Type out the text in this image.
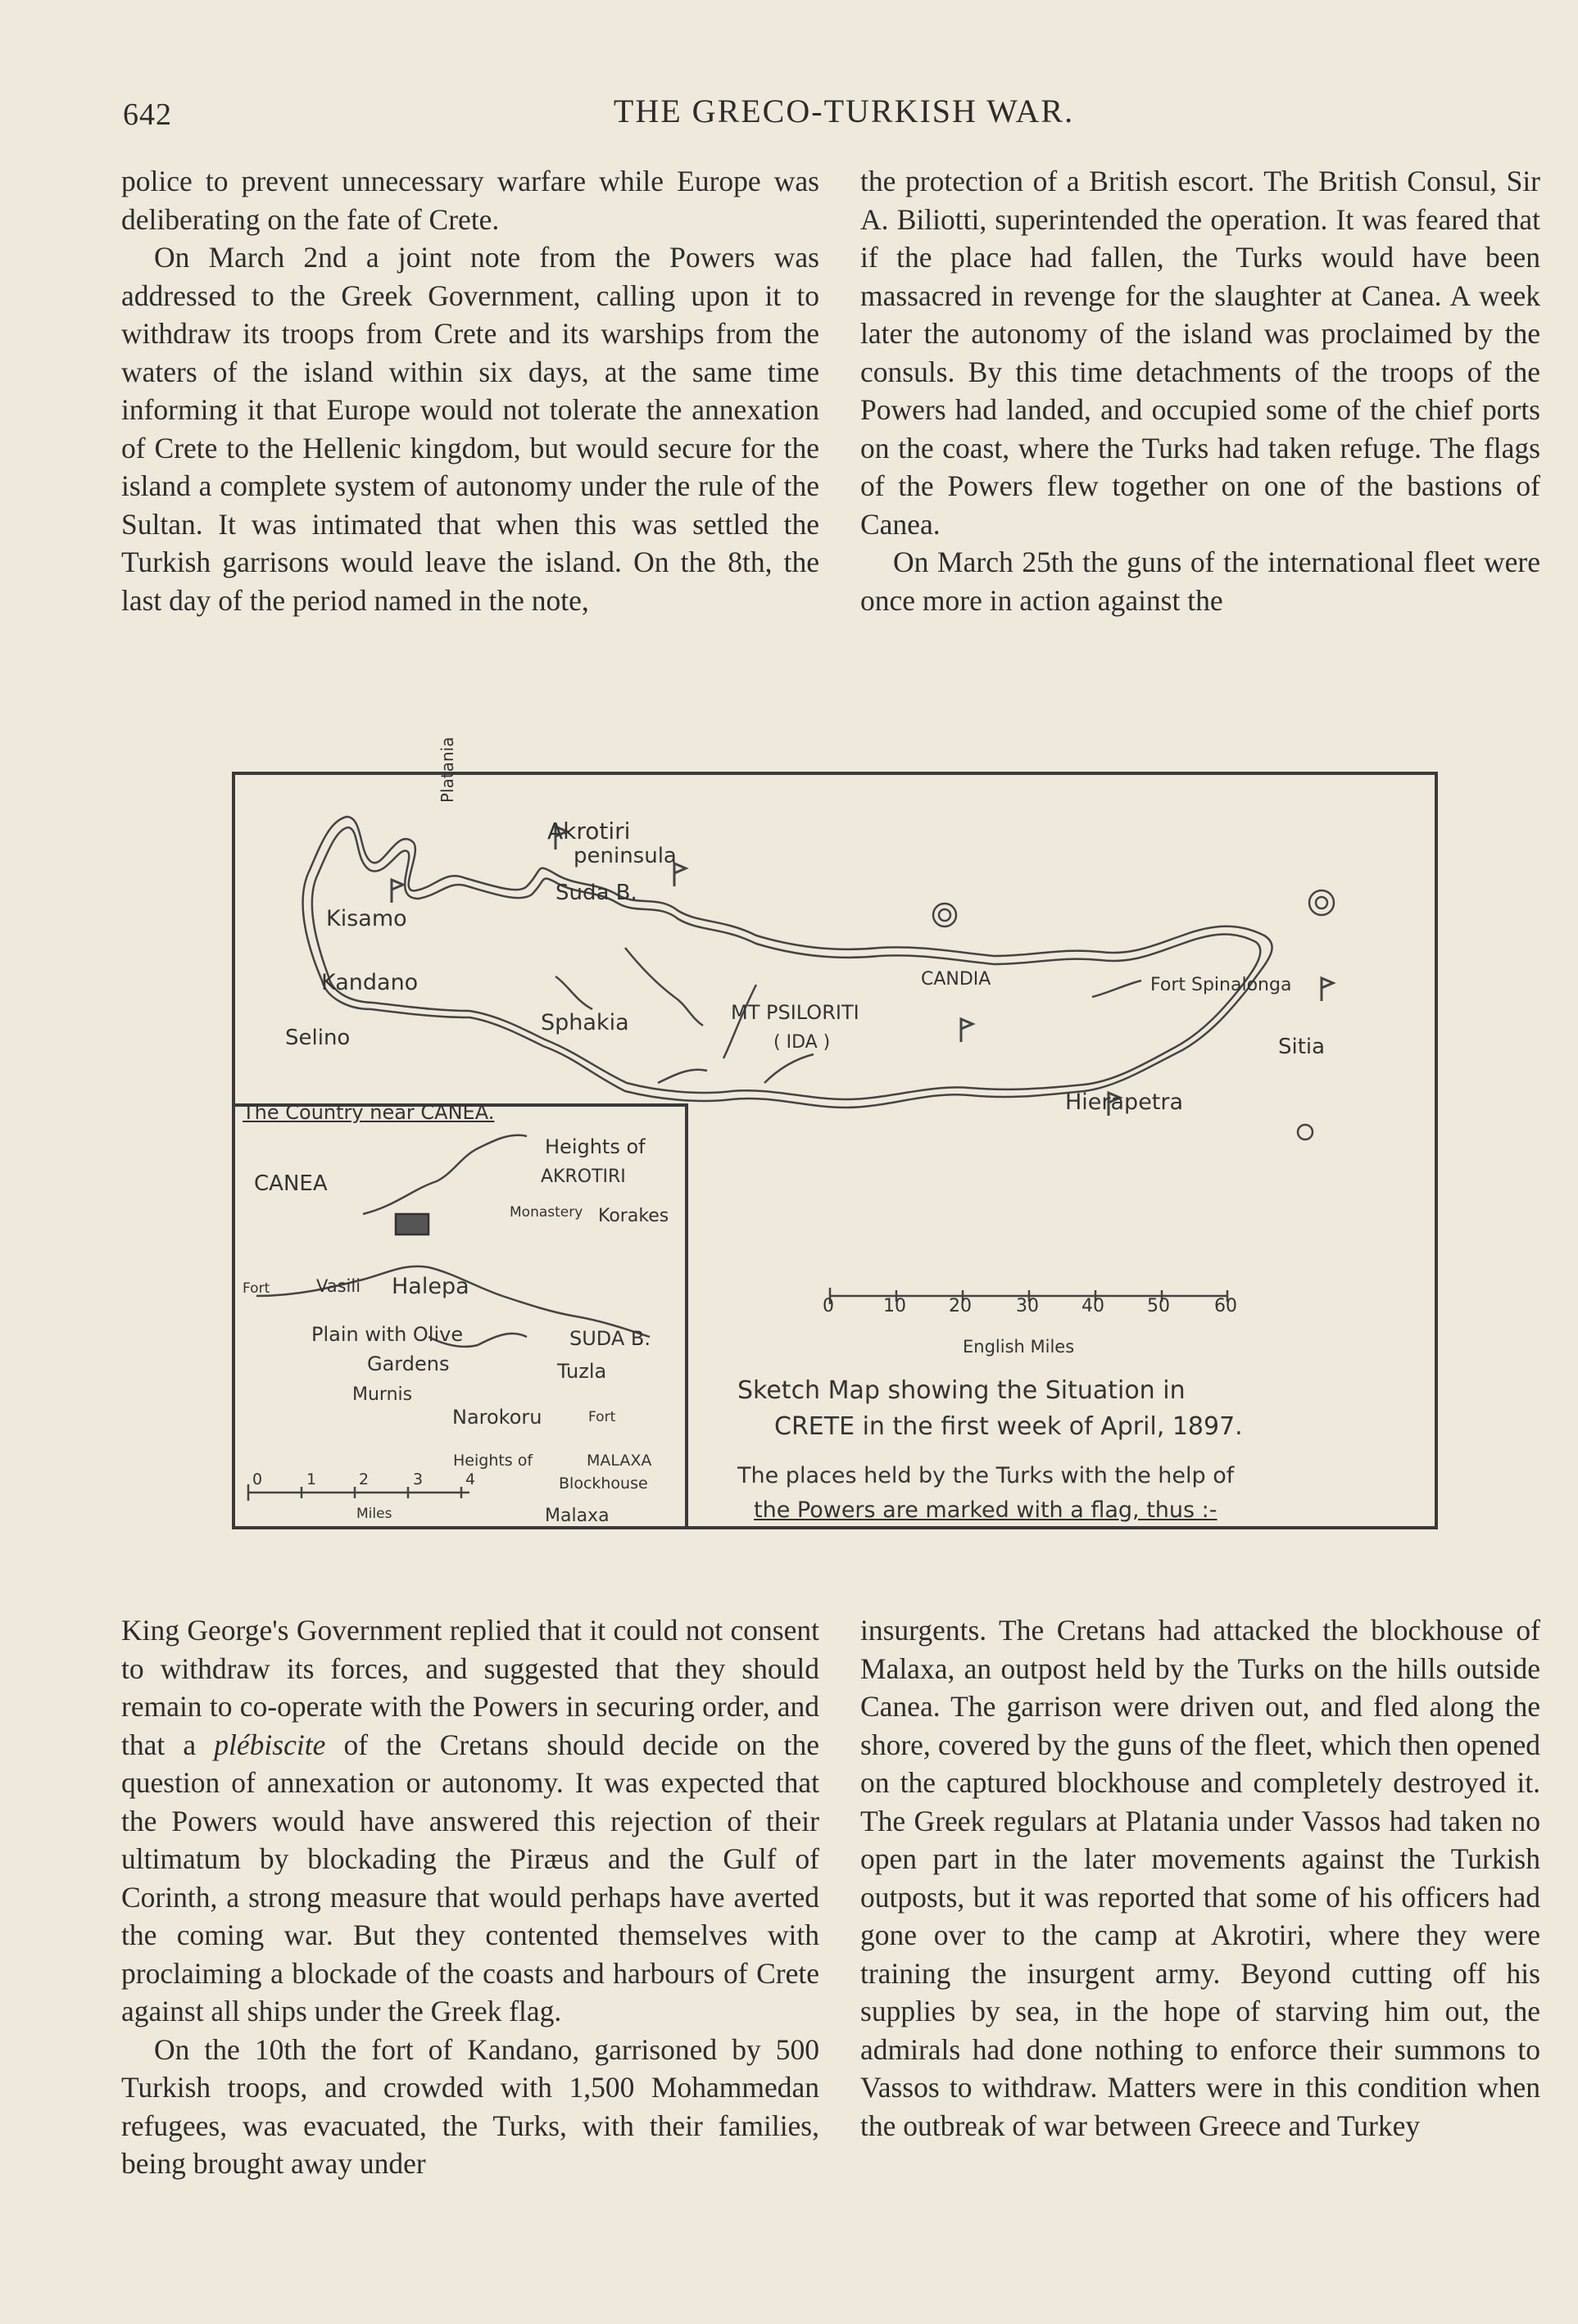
642	THE GRECO-TURKISH WAR.

police to prevent unnecessary warfare while Europe was deliberating on the fate of Crete.

On March 2nd a joint note from the Powers was addressed to the Greek Government, calling upon it to withdraw its troops from Crete and its warships from the waters of the island within six days, at the same time informing it that Europe would not tolerate the annexation of Crete to the Hellenic kingdom, but would secure for the island a complete system of autonomy under the rule of the Sultan. It was intimated that when this was settled the Turkish garrisons would leave the island. On the 8th, the last day of the period named in the note,

the protection of a British escort. The British Consul, Sir A. Biliotti, superintended the operation. It was feared that if the place had fallen, the Turks would have been massacred in revenge for the slaughter at Canea. A week later the autonomy of the island was proclaimed by the consuls. By this time detachments of the troops of the Powers had landed, and occupied some of the chief ports on the coast, where the Turks had taken refuge. The flags of the Powers flew together on one of the bastions of Canea.

On March 25th the guns of the international fleet were once more in action against the

Akrotiri
peninsula
Suda B.
Kisamo
Kandano
Selino
Sphakia	MT PSILORITI
( IDA )
CANDIA	Fort Spinalonga
Sitia
Hierapetra
Platania
0	10 20 30 40 50 60
English Miles
Sketch Map showing the Situation in
CRETE in the first week of April, 1897.
The places held by the Turks with the help of
the Powers are marked with a flag, thus :-
The Country near CANEA.
CANEA
Heights of
AKROTIRI
Monastery Korakes
Fort	Vasili Halepa
Plain with Olive
Gardens
SUDA B.
Tuzla
Murnis
Narokoru	Fort
Heights of	MALAXA
Blockhouse
Malaxa
0	1	2	3	4
Miles

King George's Government replied that it could not consent to withdraw its forces, and suggested that they should remain to co-operate with the Powers in securing order, and that a plébiscite of the Cretans should decide on the question of annexation or autonomy. It was expected that the Powers would have answered this rejection of their ultimatum by blockading the Piræus and the Gulf of Corinth, a strong measure that would perhaps have averted the coming war. But they contented themselves with proclaiming a blockade of the coasts and harbours of Crete against all ships under the Greek flag.

On the 10th the fort of Kandano, garrisoned by 500 Turkish troops, and crowded with 1,500 Mohammedan refugees, was evacuated, the Turks, with their families, being brought away under

insurgents. The Cretans had attacked the blockhouse of Malaxa, an outpost held by the Turks on the hills outside Canea. The garrison were driven out, and fled along the shore, covered by the guns of the fleet, which then opened on the captured blockhouse and completely destroyed it. The Greek regulars at Platania under Vassos had taken no open part in the later movements against the Turkish outposts, but it was reported that some of his officers had gone over to the camp at Akrotiri, where they were training the insurgent army. Beyond cutting off his supplies by sea, in the hope of starving him out, the admirals had done nothing to enforce their summons to Vassos to withdraw. Matters were in this condition when the outbreak of war between Greece and Turkey
